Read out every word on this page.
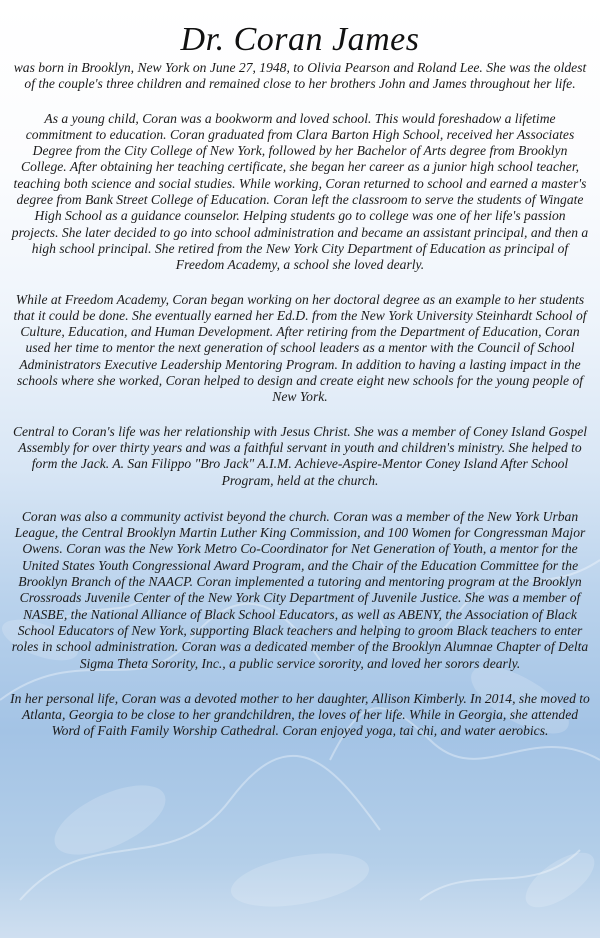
Dr. Coran James

was born in Brooklyn, New York on June 27, 1948, to Olivia Pearson and Roland Lee. She was the oldest of the couple's three children and remained close to her brothers John and James throughout her life.

As a young child, Coran was a bookworm and loved school. This would foreshadow a lifetime commitment to education. Coran graduated from Clara Barton High School, received her Associates Degree from the City College of New York, followed by her Bachelor of Arts degree from Brooklyn College. After obtaining her teaching certificate, she began her career as a junior high school teacher, teaching both science and social studies. While working, Coran returned to school and earned a master's degree from Bank Street College of Education. Coran left the classroom to serve the students of Wingate High School as a guidance counselor. Helping students go to college was one of her life's passion projects. She later decided to go into school administration and became an assistant principal, and then a high school principal. She retired from the New York City Department of Education as principal of Freedom Academy, a school she loved dearly.

While at Freedom Academy, Coran began working on her doctoral degree as an example to her students that it could be done. She eventually earned her Ed.D. from the New York University Steinhardt School of Culture, Education, and Human Development. After retiring from the Department of Education, Coran used her time to mentor the next generation of school leaders as a mentor with the Council of School Administrators Executive Leadership Mentoring Program. In addition to having a lasting impact in the schools where she worked, Coran helped to design and create eight new schools for the young people of New York.

Central to Coran's life was her relationship with Jesus Christ. She was a member of Coney Island Gospel Assembly for over thirty years and was a faithful servant in youth and children's ministry. She helped to form the Jack. A. San Filippo "Bro Jack" A.I.M. Achieve-Aspire-Mentor Coney Island After School Program, held at the church.

Coran was also a community activist beyond the church. Coran was a member of the New York Urban League, the Central Brooklyn Martin Luther King Commission, and 100 Women for Congressman Major Owens. Coran was the New York Metro Co-Coordinator for Net Generation of Youth, a mentor for the United States Youth Congressional Award Program, and the Chair of the Education Committee for the Brooklyn Branch of the NAACP. Coran implemented a tutoring and mentoring program at the Brooklyn Crossroads Juvenile Center of the New York City Department of Juvenile Justice. She was a member of NASBE, the National Alliance of Black School Educators, as well as ABENY, the Association of Black School Educators of New York, supporting Black teachers and helping to groom Black teachers to enter roles in school administration. Coran was a dedicated member of the Brooklyn Alumnae Chapter of Delta Sigma Theta Sorority, Inc., a public service sorority, and loved her sorors dearly.

In her personal life, Coran was a devoted mother to her daughter, Allison Kimberly. In 2014, she moved to Atlanta, Georgia to be close to her grandchildren, the loves of her life. While in Georgia, she attended Word of Faith Family Worship Cathedral. Coran enjoyed yoga, tai chi, and water aerobics.
